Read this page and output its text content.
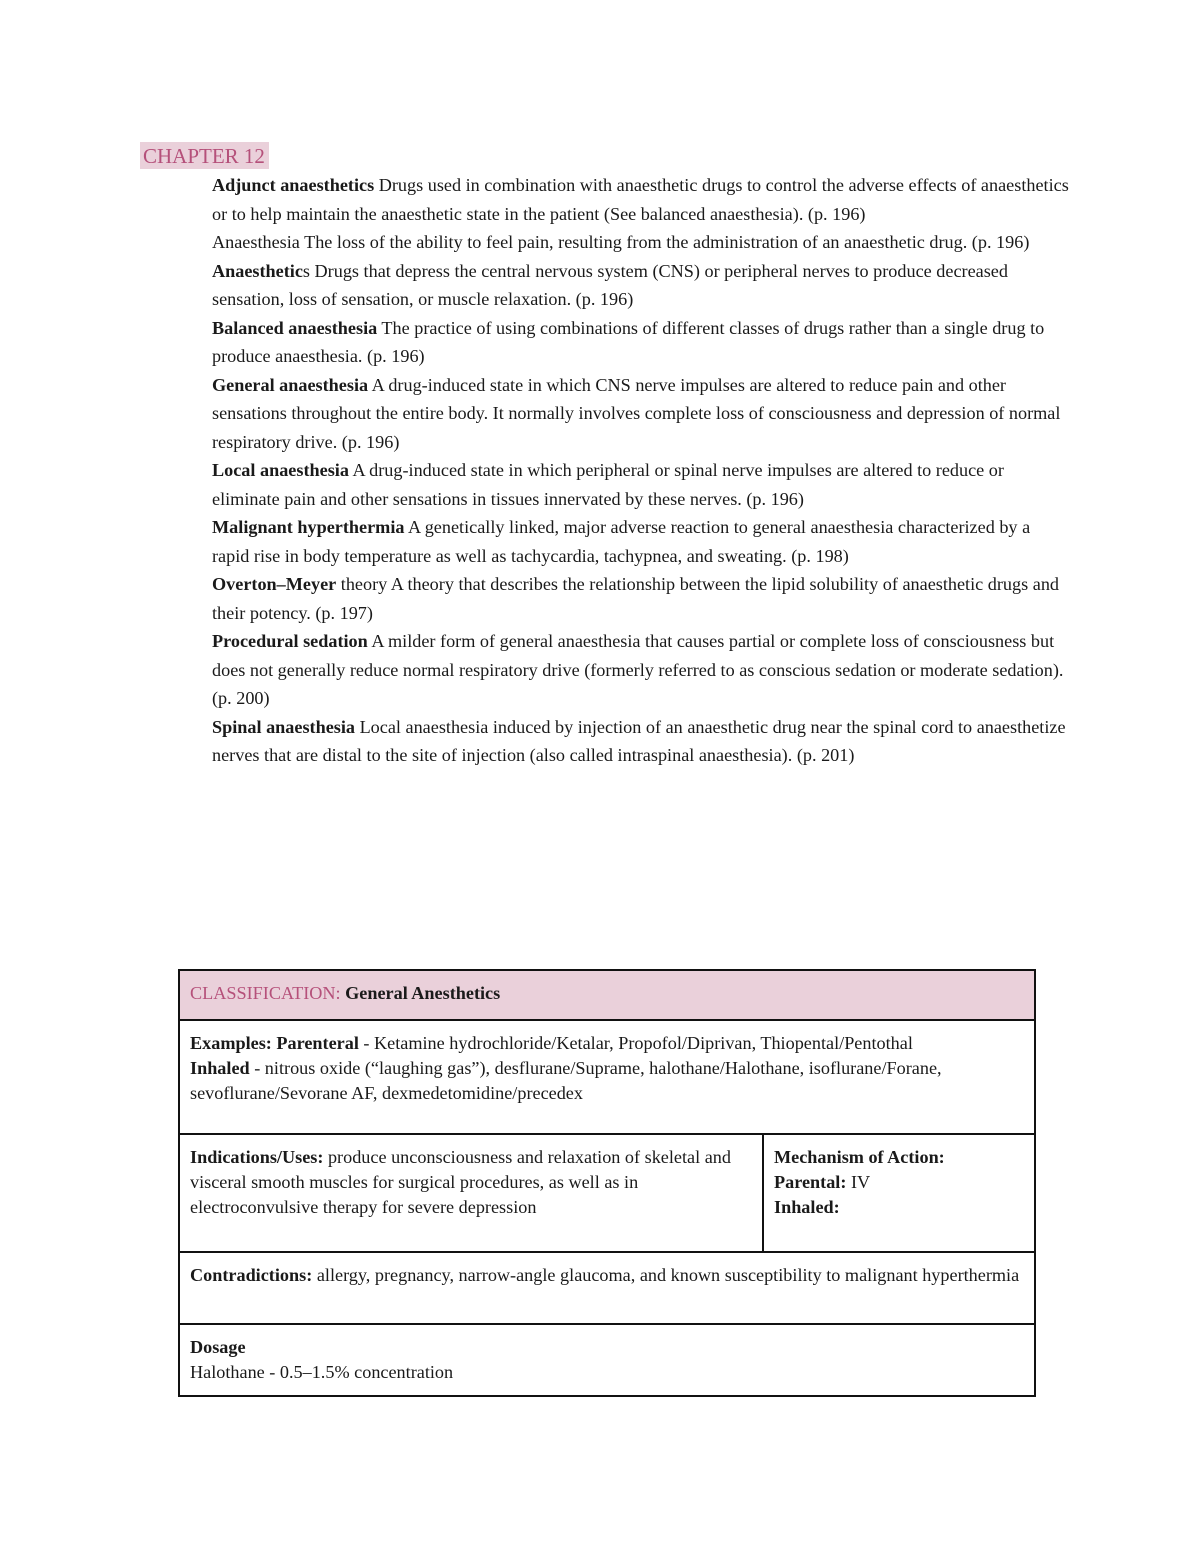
CHAPTER 12

Adjunct anaesthetics Drugs used in combination with anaesthetic drugs to control the adverse effects of anaesthetics or to help maintain the anaesthetic state in the patient (See balanced anaesthesia). (p. 196)

Anaesthesia The loss of the ability to feel pain, resulting from the administration of an anaesthetic drug. (p. 196)

Anaesthetics Drugs that depress the central nervous system (CNS) or peripheral nerves to produce decreased sensation, loss of sensation, or muscle relaxation. (p. 196)

Balanced anaesthesia The practice of using combinations of different classes of drugs rather than a single drug to produce anaesthesia. (p. 196)

General anaesthesia A drug-induced state in which CNS nerve impulses are altered to reduce pain and other sensations throughout the entire body. It normally involves complete loss of consciousness and depression of normal respiratory drive. (p. 196)

Local anaesthesia A drug-induced state in which peripheral or spinal nerve impulses are altered to reduce or eliminate pain and other sensations in tissues innervated by these nerves. (p. 196)

Malignant hyperthermia A genetically linked, major adverse reaction to general anaesthesia characterized by a rapid rise in body temperature as well as tachycardia, tachypnea, and sweating. (p. 198)

Overton–Meyer theory A theory that describes the relationship between the lipid solubility of anaesthetic drugs and their potency. (p. 197)

Procedural sedation A milder form of general anaesthesia that causes partial or complete loss of consciousness but does not generally reduce normal respiratory drive (formerly referred to as conscious sedation or moderate sedation). (p. 200)

Spinal anaesthesia Local anaesthesia induced by injection of an anaesthetic drug near the spinal cord to anaesthetize nerves that are distal to the site of injection (also called intraspinal anaesthesia). (p. 201)

CLASSIFICATION: General Anesthetics

Examples: Parenteral - Ketamine hydrochloride/Ketalar, Propofol/Diprivan, Thiopental/Pentothal
Inhaled - nitrous oxide (“laughing gas”), desflurane/Suprame, halothane/Halothane, isoflurane/Forane, sevoflurane/Sevorane AF, dexmedetomidine/precedex

Indications/Uses: produce unconsciousness and relaxation of skeletal and visceral smooth muscles for surgical procedures, as well as in electroconvulsive therapy for severe depression	
Mechanism of Action:
Parental: IV
Inhaled:

Contradictions: allergy, pregnancy, narrow-angle glaucoma, and known susceptibility to malignant hyperthermia

Dosage
Halothane - 0.5–1.5% concentration
